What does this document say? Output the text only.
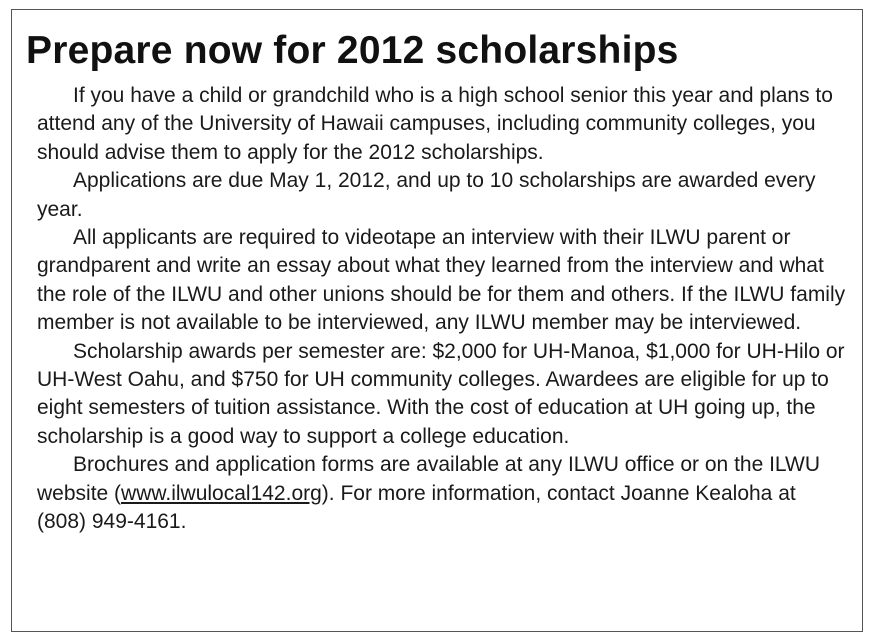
Prepare now for 2012 scholarships

If you have a child or grandchild who is a high school senior this year and plans to attend any of the University of Hawaii campuses, including community colleges, you should advise them to apply for the 2012 scholarships.

Applications are due May 1, 2012, and up to 10 scholarships are awarded every year.

All applicants are required to videotape an interview with their ILWU parent or grandparent and write an essay about what they learned from the interview and what the role of the ILWU and other unions should be for them and others. If the ILWU family member is not available to be interviewed, any ILWU member may be interviewed.

Scholarship awards per semester are: $2,000 for UH-Manoa, $1,000 for UH-Hilo or UH-West Oahu, and $750 for UH community colleges. Awardees are eligible for up to eight semesters of tuition assistance. With the cost of education at UH going up, the scholarship is a good way to support a college education.

Brochures and application forms are available at any ILWU office or on the ILWU website (www.ilwulocal142.org). For more information, contact Joanne Kealoha at (808) 949-4161.
